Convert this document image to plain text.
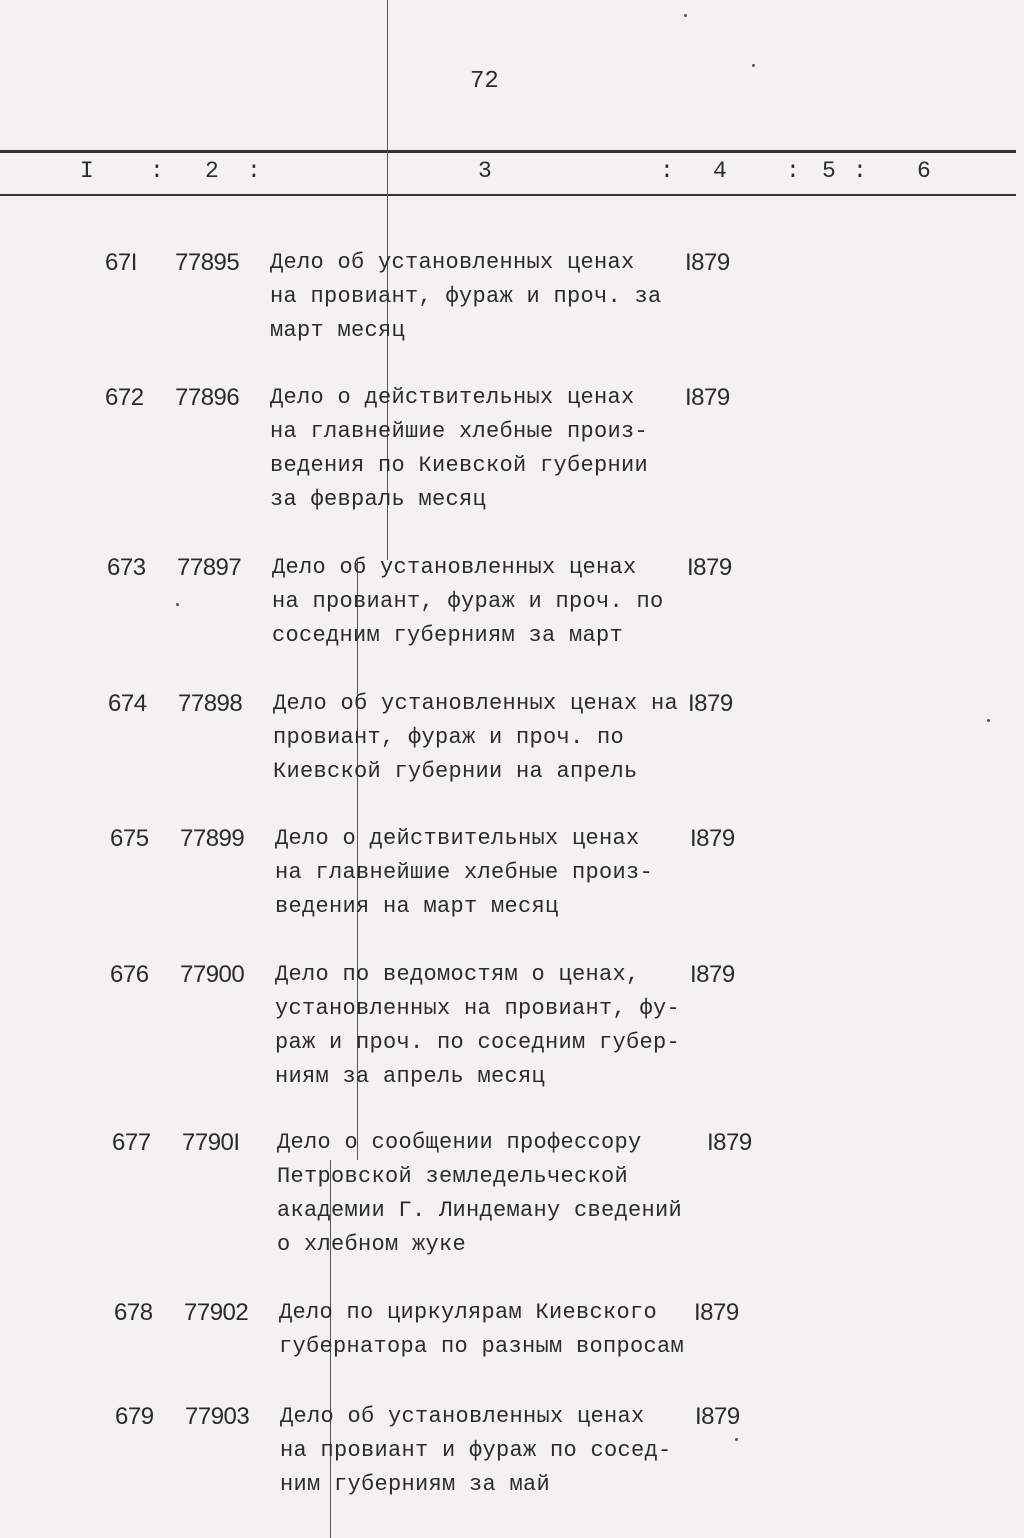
72
I : 2 :	3	: 4	: 5 : 6
67I 77895 Дело об установленных ценах
на провиант, фураж и проч. за
март месяц
I879
672 77896 Дело о действительных ценах
на главнейшие хлебные произ-
ведения по Киевской губернии
за февраль месяц
I879
673 77897 Дело об установленных ценах
на провиант, фураж и проч. по
соседним губерниям за март
I879
674 77898 Дело об установленных ценах на
провиант, фураж и проч. по
Киевской губернии на апрель
I879
675 77899 Дело о действительных ценах
на главнейшие хлебные произ-
ведения на март месяц
I879
676 77900 Дело по ведомостям о ценах,
установленных на провиант, фу-
раж и проч. по соседним губер-
ниям за апрель месяц
I879
677 7790I Дело о сообщении профессору
Петровской земледельческой
академии Г. Линдеману сведений
о хлебном жуке
I879
678 77902 Дело по циркулярам Киевского
губернатора по разным вопросам
I879
679 77903 Дело об установленных ценах
на провиант и фураж по сосед-
ним губерниям за май
I879
